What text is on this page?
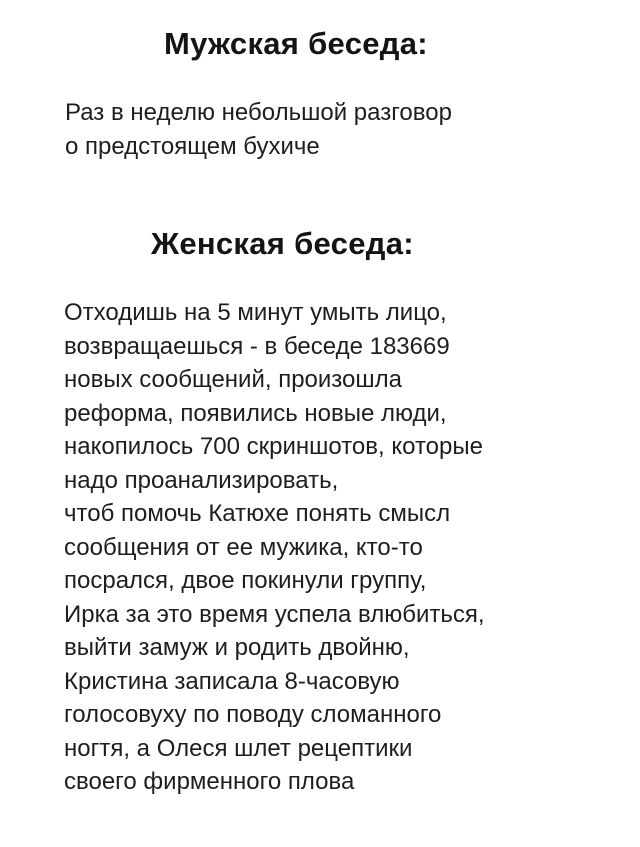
Мужская беседа:
Раз в неделю небольшой разговор
о предстоящем бухиче
Женская беседа:
Отходишь на 5 минут умыть лицо,
возвращаешься - в беседе 183669
новых сообщений, произошла
реформа, появились новые люди,
накопилось 700 скриншотов, которые
надо проанализировать,
чтоб помочь Катюхе понять смысл
сообщения от ее мужика, кто-то
посрался, двое покинули группу,
Ирка за это время успела влюбиться,
выйти замуж и родить двойню,
Кристина записала 8-часовую
голосовуху по поводу сломанного
ногтя, а Олеся шлет рецептики
своего фирменного плова
